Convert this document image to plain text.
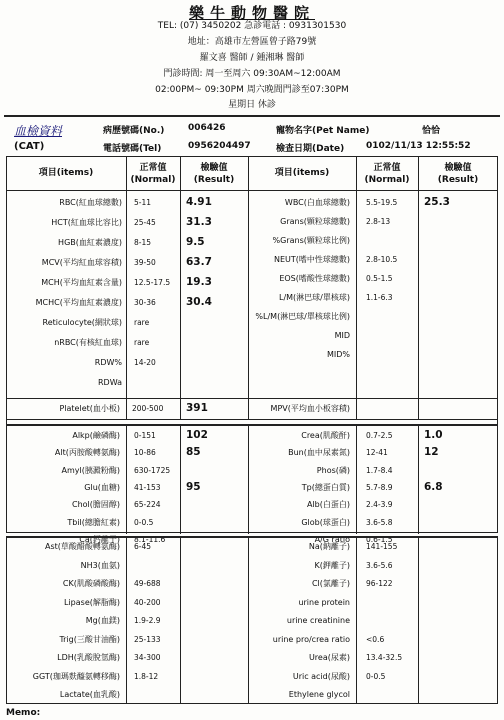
樂牛動物醫院
TEL: (07) 3450202 急診電話 : 0931301530
地址：高雄市左營區曾子路79號
羅文喜 醫師 / 鍾湘琳 醫師
門診時間: 周一至周六 09:30AM~12:00AM
02:00PM~ 09:30PM 周六晚間門診至07:30PM
星期日 休診
血檢資料
(CAT)
病歷號碼(No.)	006426	寵物名字(Pet Name)	恰恰
電話號碼(Tel)	0956204497	檢查日期(Date) 0102/11/13 12:55:52
項目(items)	正常值
(Normal)
檢驗值
(Result)
項目(items)	正常值
(Normal)
檢驗值
(Result)
RBC(紅血球總數) 5-11	4.91
HCT(紅血球比容比) 25-45	31.3
HGB(血紅素濃度) 8-15	9.5
MCV(平均紅血球容積) 39-50	63.7
MCH(平均血紅素含量) 12.5-17.5 19.3
MCHC(平均血紅素濃度) 30-36	30.4
Reticulocyte(網狀球) rare
nRBC(有核紅血球) rare
RDW% 14-20
RDWa
WBC(白血球總數) 5.5-19.5	25.3
Grans(顆粒球總數) 2.8-13
%Grans(顆粒球比例)
NEUT(嗜中性球總數) 2.8-10.5
EOS(嗜酸性球總數) 0.5-1.5
L/M(淋巴球/單核球) 1.1-6.3
%L/M(淋巴球/單核球比例)
MID
MID%
Platelet(血小板) 200-500 391	MPV(平均血小板容積)
Alkp(鹼磷酶) 0-151	102
Alt(丙胺酸轉氨酶) 10-86	85
Amyl(胰澱粉酶) 630-1725
Glu(血糖) 41-153 95
Chol(膽固醇) 65-224
Tbil(總膽紅素) 0-0.5
Ca(鈣離子) 8.1-11.6
Crea(肌酸酐) 0.7-2.5	1.0
Bun(血中尿素氮) 12-41	12
Phos(磷) 1.7-8.4
Tp(總蛋白質) 5.7-8.9	6.8
Alb(白蛋白) 2.4-3.9
Glob(球蛋白) 3.6-5.8
A/G ratio 0.6-1.5
Ast(草酸醋酸轉氨酶) 6-45
NH3(血氨)
CK(肌酸磷酸酶) 49-688
Lipase(解脂酶) 40-200
Mg(血鎂) 1.9-2.9
Trig(三酸甘油酯) 25-133
LDH(乳酸脫氫酶) 34-300
GGT(珈瑪麩醯氨轉移酶) 1.8-12
Lactate(血乳酸)
Na(鈉離子) 141-155
K(鉀離子) 3.6-5.6
Cl(氯離子) 96-122
urine protein
urine creatinine
urine pro/crea ratio <0.6
Urea(尿素) 13.4-32.5
Uric acid(尿酸) 0-0.5
Ethylene glycol
Memo:
